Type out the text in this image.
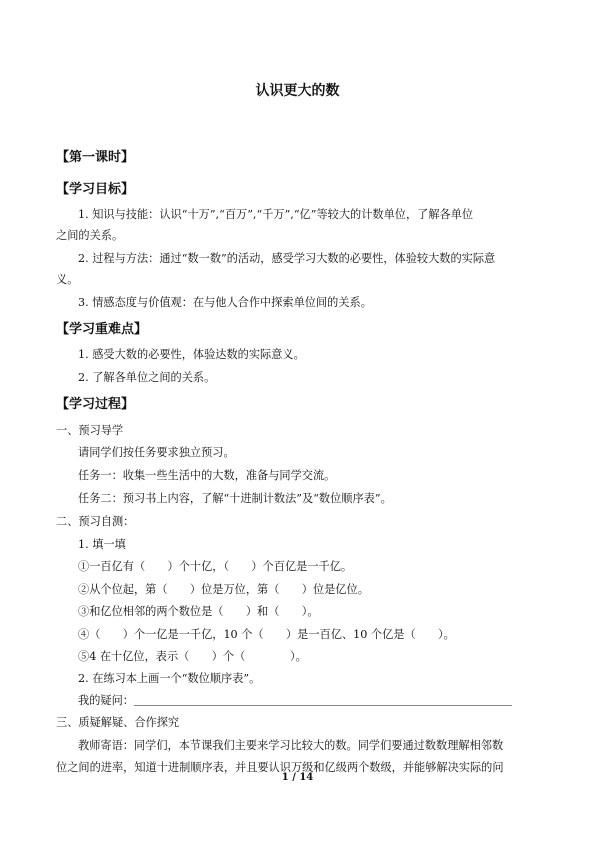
认识更大的数
【第一课时】
【学习目标】
1. 知识与技能：认识“十万”,“百万”,“千万”,“亿”等较大的计数单位，了解各单位
之间的关系。
2. 过程与方法：通过“数一数”的活动，感受学习大数的必要性，体验较大数的实际意
义。
3. 情感态度与价值观：在与他人合作中探索单位间的关系。
【学习重难点】
1. 感受大数的必要性，体验达数的实际意义。
2. 了解各单位之间的关系。
【学习过程】
一、预习导学
请同学们按任务要求独立预习。
任务一：收集一些生活中的大数，准备与同学交流。
任务二：预习书上内容，了解“十进制计数法”及“数位顺序表”。
二、预习自测：
1. 填一填
①一百亿有（　　）个十亿，（　　）个百亿是一千亿。
②从个位起，第（　　）位是万位，第（　　）位是亿位。
③和亿位相邻的两个数位是（　　）和（　　）。
④（　　）个一亿是一千亿，10 个（　　）是一百亿、10 个亿是（　　）。
⑤4 在十亿位，表示（　　）个（　　　　）。
2. 在练习本上画一个“数位顺序表”。
我的疑问：
三、质疑解疑、合作探究
教师寄语：同学们，本节课我们主要来学习比较大的数。同学们要通过数数理解相邻数
位之间的进率，知道十进制顺序表，并且要认识万级和亿级两个数级，并能够解决实际的问
1 / 14
